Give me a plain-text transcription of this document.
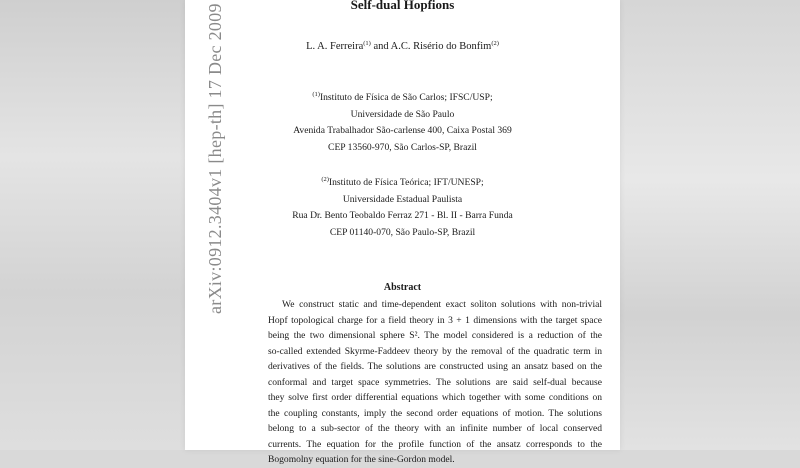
arXiv:0912.3404v1 [hep-th] 17 Dec 2009	Self-dual Hopfions
L. A. Ferreira$^{(1)}$ and A.C. Risério do Bonfim$^{(2)}$
$^{(1)}$Instituto de Física de São Carlos; IFSC/USP;
Universidade de São Paulo
Avenida Trabalhador São-carlense 400, Caixa Postal 369
CEP 13560-970, São Carlos-SP, Brazil
$^{(2)}$Instituto de Física Teórica; IFT/UNESP;
Universidade Estadual Paulista
Rua Dr. Bento Teobaldo Ferraz 271 - Bl. II - Barra Funda
CEP 01140-070, São Paulo-SP, Brazil
Abstract
We construct static and time-dependent exact soliton solutions with non-trivial
Hopf topological charge for a field theory in 3 + 1 dimensions with the target space
being the two dimensional sphere S². The model considered is a reduction of the
so-called extended Skyrme-Faddeev theory by the removal of the quadratic term in
derivatives of the fields. The solutions are constructed using an ansatz based on the
conformal and target space symmetries. The solutions are said self-dual because
they solve first order differential equations which together with some conditions on
the coupling constants, imply the second order equations of motion. The solutions
belong to a sub-sector of the theory with an infinite number of local conserved
currents. The equation for the profile function of the ansatz corresponds to the
Bogomolny equation for the sine-Gordon model.
